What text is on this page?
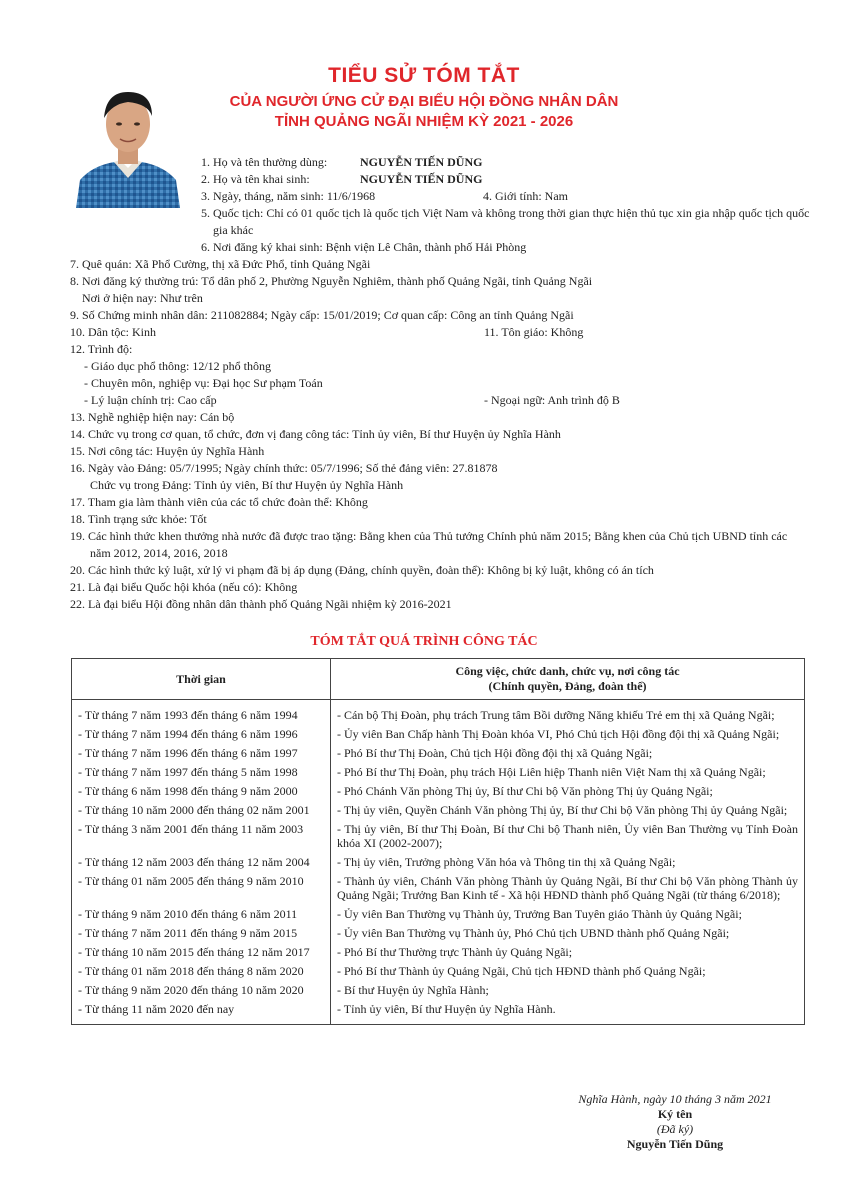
TIỂU SỬ TÓM TẮT
CỦA NGƯỜI ỨNG CỬ ĐẠI BIỂU HỘI ĐỒNG NHÂN DÂN
TỈNH QUẢNG NGÃI NHIỆM KỲ 2021 - 2026
1. Họ và tên thường dùng:	NGUYỄN TIẾN DŨNG
2. Họ và tên khai sinh:	NGUYỄN TIẾN DŨNG
3. Ngày, tháng, năm sinh: 11/6/1968	4. Giới tính: Nam
5. Quốc tịch: Chỉ có 01 quốc tịch là quốc tịch Việt Nam và không trong thời gian thực hiện thủ tục xin gia nhập quốc tịch quốc gia khác
6. Nơi đăng ký khai sinh: Bệnh viện Lê Chân, thành phố Hải Phòng
7. Quê quán: Xã Phổ Cường, thị xã Đức Phổ, tỉnh Quảng Ngãi
8. Nơi đăng ký thường trú: Tổ dân phố 2, Phường Nguyễn Nghiêm, thành phố Quảng Ngãi, tỉnh Quảng Ngãi
Nơi ở hiện nay: Như trên
9. Số Chứng minh nhân dân: 211082884; Ngày cấp: 15/01/2019; Cơ quan cấp: Công an tỉnh Quảng Ngãi
10. Dân tộc: Kinh	11. Tôn giáo: Không
12. Trình độ:
- Giáo dục phổ thông: 12/12 phổ thông
- Chuyên môn, nghiệp vụ: Đại học Sư phạm Toán
- Lý luận chính trị: Cao cấp	- Ngoại ngữ: Anh trình độ B
13. Nghề nghiệp hiện nay: Cán bộ
14. Chức vụ trong cơ quan, tổ chức, đơn vị đang công tác: Tỉnh ủy viên, Bí thư Huyện ủy Nghĩa Hành
15. Nơi công tác: Huyện ủy Nghĩa Hành
16. Ngày vào Đảng: 05/7/1995; Ngày chính thức: 05/7/1996; Số thẻ đảng viên: 27.81878
Chức vụ trong Đảng: Tỉnh ủy viên, Bí thư Huyện ủy Nghĩa Hành
17. Tham gia làm thành viên của các tổ chức đoàn thể: Không
18. Tình trạng sức khỏe: Tốt
19. Các hình thức khen thưởng nhà nước đã được trao tặng: Bằng khen của Thủ tướng Chính phủ năm 2015; Bằng khen của Chủ tịch UBND tỉnh các năm 2012, 2014, 2016, 2018
20. Các hình thức kỷ luật, xử lý vi phạm đã bị áp dụng (Đảng, chính quyền, đoàn thể): Không bị kỷ luật, không có án tích
21. Là đại biểu Quốc hội khóa (nếu có): Không
22. Là đại biểu Hội đồng nhân dân thành phố Quảng Ngãi nhiệm kỳ 2016-2021
TÓM TẮT QUÁ TRÌNH CÔNG TÁC
Thời gian	Công việc, chức danh, chức vụ, nơi công tác
(Chính quyền, Đảng, đoàn thể)

- Từ tháng 7 năm 1993 đến tháng 6 năm 1994	- Cán bộ Thị Đoàn, phụ trách Trung tâm Bồi dưỡng Năng khiếu Trẻ em thị xã Quảng Ngãi;
- Từ tháng 7 năm 1994 đến tháng 6 năm 1996	- Ủy viên Ban Chấp hành Thị Đoàn khóa VI, Phó Chủ tịch Hội đồng đội thị xã Quảng Ngãi;
- Từ tháng 7 năm 1996 đến tháng 6 năm 1997	- Phó Bí thư Thị Đoàn, Chủ tịch Hội đồng đội thị xã Quảng Ngãi;
- Từ tháng 7 năm 1997 đến tháng 5 năm 1998	- Phó Bí thư Thị Đoàn, phụ trách Hội Liên hiệp Thanh niên Việt Nam thị xã Quảng Ngãi;
- Từ tháng 6 năm 1998 đến tháng 9 năm 2000	- Phó Chánh Văn phòng Thị ủy, Bí thư Chi bộ Văn phòng Thị ủy Quảng Ngãi;
- Từ tháng 10 năm 2000 đến tháng 02 năm 2001	- Thị ủy viên, Quyền Chánh Văn phòng Thị ủy, Bí thư Chi bộ Văn phòng Thị ủy Quảng Ngãi;
- Từ tháng 3 năm 2001 đến tháng 11 năm 2003	- Thị ủy viên, Bí thư Thị Đoàn, Bí thư Chi bộ Thanh niên, Ủy viên Ban Thường vụ Tỉnh Đoàn khóa XI (2002-2007);
- Từ tháng 12 năm 2003 đến tháng 12 năm 2004	- Thị ủy viên, Trưởng phòng Văn hóa và Thông tin thị xã Quảng Ngãi;
- Từ tháng 01 năm 2005 đến tháng 9 năm 2010	- Thành ủy viên, Chánh Văn phòng Thành ủy Quảng Ngãi, Bí thư Chi bộ Văn phòng Thành ủy Quảng Ngãi; Trưởng Ban Kinh tế - Xã hội HĐND thành phố Quảng Ngãi (từ tháng 6/2018);
- Từ tháng 9 năm 2010 đến tháng 6 năm 2011	- Ủy viên Ban Thường vụ Thành ủy, Trưởng Ban Tuyên giáo Thành ủy Quảng Ngãi;
- Từ tháng 7 năm 2011 đến tháng 9 năm 2015	- Ủy viên Ban Thường vụ Thành ủy, Phó Chủ tịch UBND thành phố Quảng Ngãi;
- Từ tháng 10 năm 2015 đến tháng 12 năm 2017	- Phó Bí thư Thường trực Thành ủy Quảng Ngãi;
- Từ tháng 01 năm 2018 đến tháng 8 năm 2020	- Phó Bí thư Thành ủy Quảng Ngãi, Chủ tịch HĐND thành phố Quảng Ngãi;
- Từ tháng 9 năm 2020 đến tháng 10 năm 2020	- Bí thư Huyện ủy Nghĩa Hành;
- Từ tháng 11 năm 2020 đến nay	- Tỉnh ủy viên, Bí thư Huyện ủy Nghĩa Hành.
Nghĩa Hành, ngày 10 tháng 3 năm 2021
Ký tên
(Đã ký)
Nguyễn Tiến Dũng
